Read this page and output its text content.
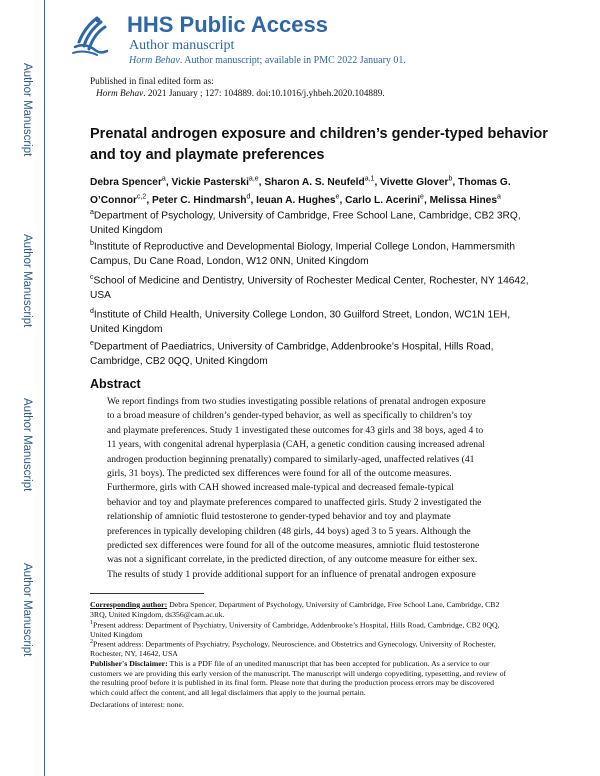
Author Manuscript
Author Manuscript
Author Manuscript
Author Manuscript
HHS Public Access
Author manuscript
Horm Behav. Author manuscript; available in PMC 2022 January 01.
Published in final edited form as:
Horm Behav. 2021 January ; 127: 104889. doi:10.1016/j.yhbeh.2020.104889.
Prenatal androgen exposure and children’s gender-typed behavior and toy and playmate preferences
Debra Spencer$^a$, Vickie Pasterski$^{a,e}$, Sharon A. S. Neufeld$^{a,1}$, Vivette Glover$^b$, Thomas G. O’Connor$^{c,2}$, Peter C. Hindmarsh$^d$, Ieuan A. Hughes$^e$, Carlo L. Acerini$^e$, Melissa Hines$^a$
$^a$Department of Psychology, University of Cambridge, Free School Lane, Cambridge, CB2 3RQ,
United Kingdom
$^b$Institute of Reproductive and Developmental Biology, Imperial College London, Hammersmith
Campus, Du Cane Road, London, W12 0NN, United Kingdom
$^c$School of Medicine and Dentistry, University of Rochester Medical Center, Rochester, NY 14642,
USA
$^d$Institute of Child Health, University College London, 30 Guilford Street, London, WC1N 1EH,
United Kingdom
$^e$Department of Paediatrics, University of Cambridge, Addenbrooke’s Hospital, Hills Road,
Cambridge, CB2 0QQ, United Kingdom
Abstract
We report findings from two studies investigating possible relations of prenatal androgen exposure
to a broad measure of children’s gender-typed behavior, as well as specifically to children’s toy
and playmate preferences. Study 1 investigated these outcomes for 43 girls and 38 boys, aged 4 to
11 years, with congenital adrenal hyperplasia (CAH, a genetic condition causing increased adrenal
androgen production beginning prenatally) compared to similarly-aged, unaffected relatives (41
girls, 31 boys). The predicted sex differences were found for all of the outcome measures.
Furthermore, girls with CAH showed increased male-typical and decreased female-typical
behavior and toy and playmate preferences compared to unaffected girls. Study 2 investigated the
relationship of amniotic fluid testosterone to gender-typed behavior and toy and playmate
preferences in typically developing children (48 girls, 44 boys) aged 3 to 5 years. Although the
predicted sex differences were found for all of the outcome measures, amniotic fluid testosterone
was not a significant correlate, in the predicted direction, of any outcome measure for either sex.
The results of study 1 provide additional support for an influence of prenatal androgen exposure
Corresponding author: Debra Spencer, Department of Psychology, University of Cambridge, Free School Lane, Cambridge, CB2
3RQ, United Kingdom, ds356@cam.ac.uk.
$^1$Present address: Department of Psychiatry, University of Cambridge, Addenbrooke’s Hospital, Hills Road, Cambridge, CB2 0QQ,
United Kingdom
$^2$Present address: Departments of Psychiatry, Psychology, Neuroscience, and Obstetrics and Gynecology, University of Rochester,
Rochester, NY, 14642, USA
Publisher's Disclaimer: This is a PDF file of an unedited manuscript that has been accepted for publication. As a service to our
customers we are providing this early version of the manuscript. The manuscript will undergo copyediting, typesetting, and review of
the resulting proof before it is published in its final form. Please note that during the production process errors may be discovered
which could affect the content, and all legal disclaimers that apply to the journal pertain.
Declarations of interest: none.
